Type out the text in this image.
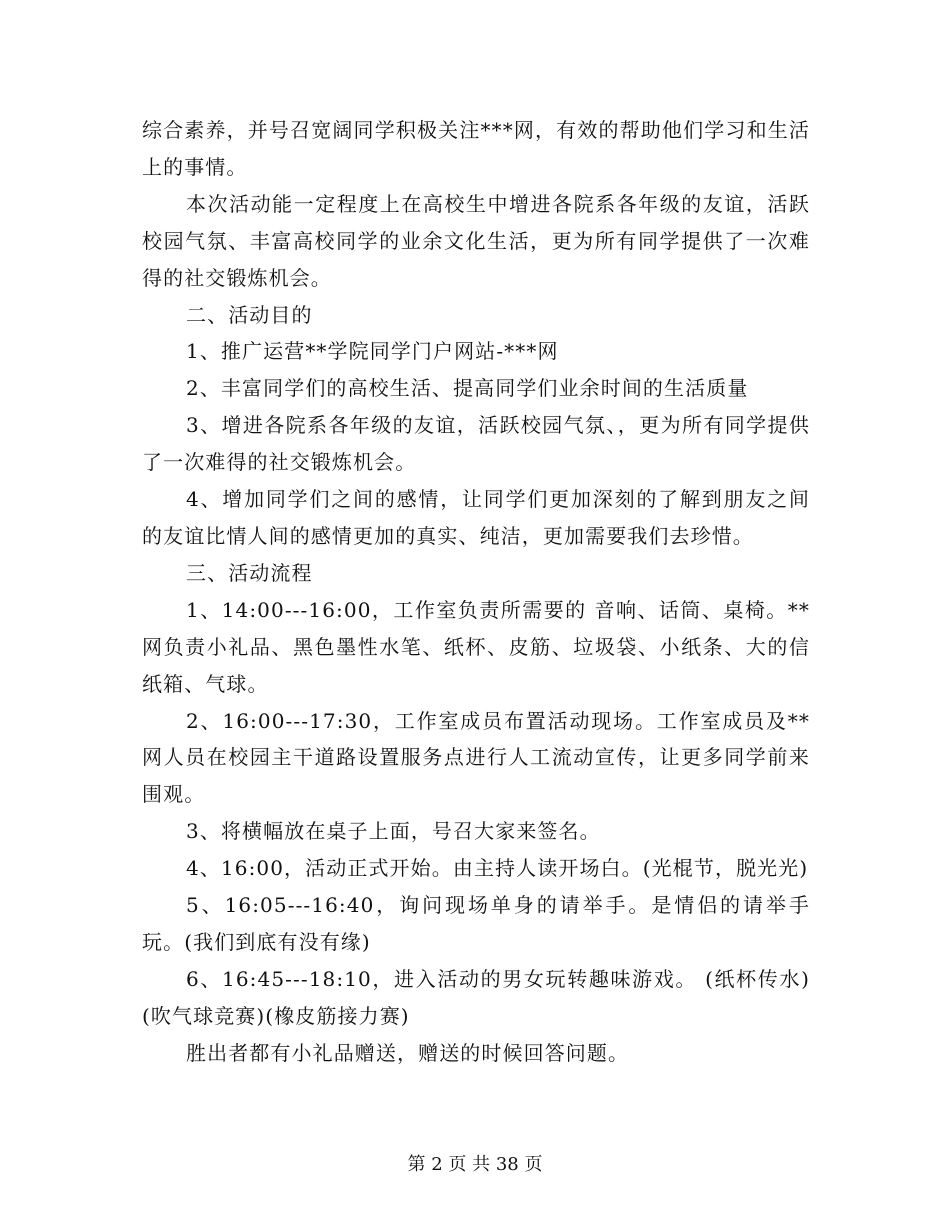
综合素养，并号召宽阔同学积极关注***网，有效的帮助他们学习和生活上的事情。

本次活动能一定程度上在高校生中增进各院系各年级的友谊，活跃校园气氛、丰富高校同学的业余文化生活，更为所有同学提供了一次难得的社交锻炼机会。

二、活动目的

1、推广运营**学院同学门户网站-***网

2、丰富同学们的高校生活、提高同学们业余时间的生活质量

3、增进各院系各年级的友谊，活跃校园气氛、，更为所有同学提供了一次难得的社交锻炼机会。

4、增加同学们之间的感情，让同学们更加深刻的了解到朋友之间的友谊比情人间的感情更加的真实、纯洁，更加需要我们去珍惜。

三、活动流程

1、14:00---16:00，工作室负责所需要的 音响、话筒、桌椅。**网负责小礼品、黑色墨性水笔、纸杯、皮筋、垃圾袋、小纸条、大的信纸箱、气球。

2、16:00---17:30，工作室成员布置活动现场。工作室成员及**网人员在校园主干道路设置服务点进行人工流动宣传，让更多同学前来围观。

3、将横幅放在桌子上面，号召大家来签名。

4、16:00，活动正式开始。由主持人读开场白。(光棍节，脱光光)

5、16:05---16:40，询问现场单身的请举手。是情侣的请举手玩。(我们到底有没有缘)

6、16:45---18:10，进入活动的男女玩转趣味游戏。 (纸杯传水)(吹气球竞赛)(橡皮筋接力赛)

胜出者都有小礼品赠送，赠送的时候回答问题。

第 2 页 共 38 页
